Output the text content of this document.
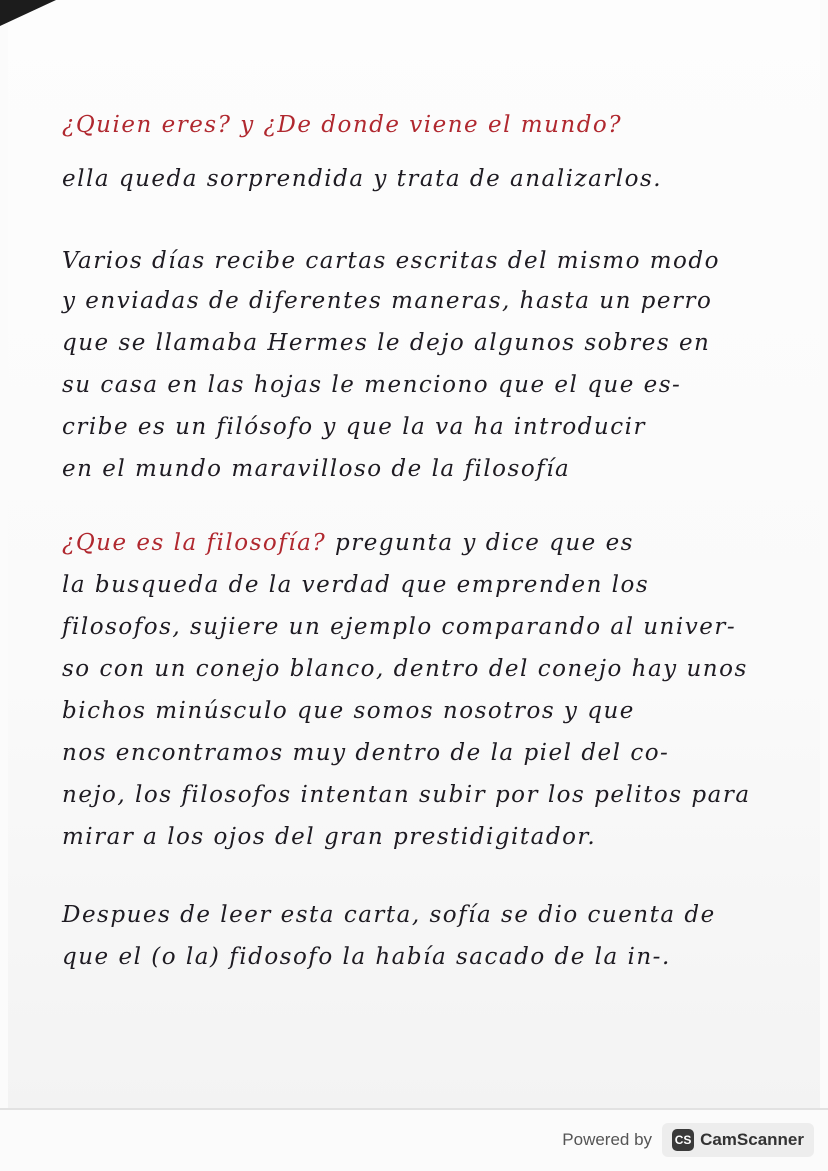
¿Quien eres? y ¿De donde viene el mundo?
ella queda sorprendida y trata de analizarlos.
Varios días recibe cartas escritas del mismo modo
y enviadas de diferentes maneras, hasta un perro
que se llamaba Hermes le dejo algunos sobres en
su casa en las hojas le menciono que el que es-
cribe es un filósofo y que la va ha introducir
en el mundo maravilloso de la filosofía
¿Que es la filosofía? pregunta y dice que es
la busqueda de la verdad que emprenden los
filosofos, sujiere un ejemplo comparando al univer-
so con un conejo blanco, dentro del conejo hay unos
bichos minúsculo que somos nosotros y que
nos encontramos muy dentro de la piel del co-
nejo, los filosofos intentan subir por los pelitos para
mirar a los ojos del gran prestidigitador.
Despues de leer esta carta, sofía se dio cuenta de
que el (o la) fidosofo la había sacado de la in-.
Powered by CS CamScanner
